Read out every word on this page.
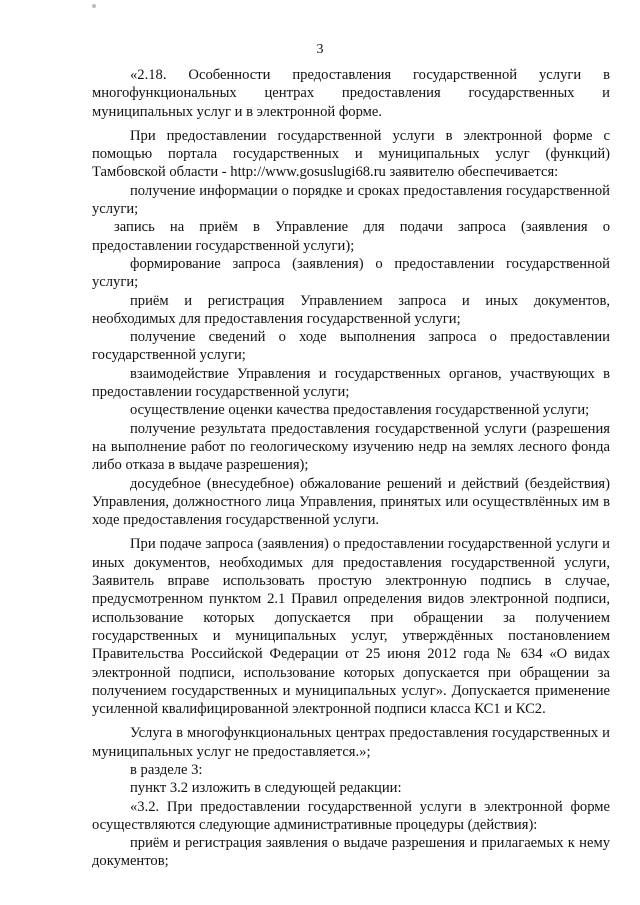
3

«2.18. Особенности предоставления государственной услуги в многофункциональных центрах предоставления государственных и муниципальных услуг и в электронной форме.

При предоставлении государственной услуги в электронной форме с помощью портала государственных и муниципальных услуг (функций) Тамбовской области - http://www.gosuslugi68.ru заявителю обеспечивается:

получение информации о порядке и сроках предоставления государственной услуги;

запись на приём в Управление для подачи запроса (заявления о предоставлении государственной услуги);

формирование запроса (заявления) о предоставлении государственной услуги;

приём и регистрация Управлением запроса и иных документов, необходимых для предоставления государственной услуги;

получение сведений о ходе выполнения запроса о предоставлении государственной услуги;

взаимодействие Управления и государственных органов, участвующих в предоставлении государственной услуги;

осуществление оценки качества предоставления государственной услуги;

получение результата предоставления государственной услуги (разрешения на выполнение работ по геологическому изучению недр на землях лесного фонда либо отказа в выдаче разрешения);

досудебное (внесудебное) обжалование решений и действий (бездействия) Управления, должностного лица Управления, принятых или осуществлённых им в ходе предоставления государственной услуги.

При подаче запроса (заявления) о предоставлении государственной услуги и иных документов, необходимых для предоставления государственной услуги, Заявитель вправе использовать простую электронную подпись в случае, предусмотренном пунктом 2.1 Правил определения видов электронной подписи, использование которых допускается при обращении за получением государственных и муниципальных услуг, утверждённых постановлением Правительства Российской Федерации от 25 июня 2012 года № 634 «О видах электронной подписи, использование которых допускается при обращении за получением государственных и муниципальных услуг». Допускается применение усиленной квалифицированной электронной подписи класса КС1 и КС2.

Услуга в многофункциональных центрах предоставления государственных и муниципальных услуг не предоставляется.»;

в разделе 3:

пункт 3.2 изложить в следующей редакции:

«3.2. При предоставлении государственной услуги в электронной форме осуществляются следующие административные процедуры (действия):

приём и регистрация заявления о выдаче разрешения и прилагаемых к нему документов;
